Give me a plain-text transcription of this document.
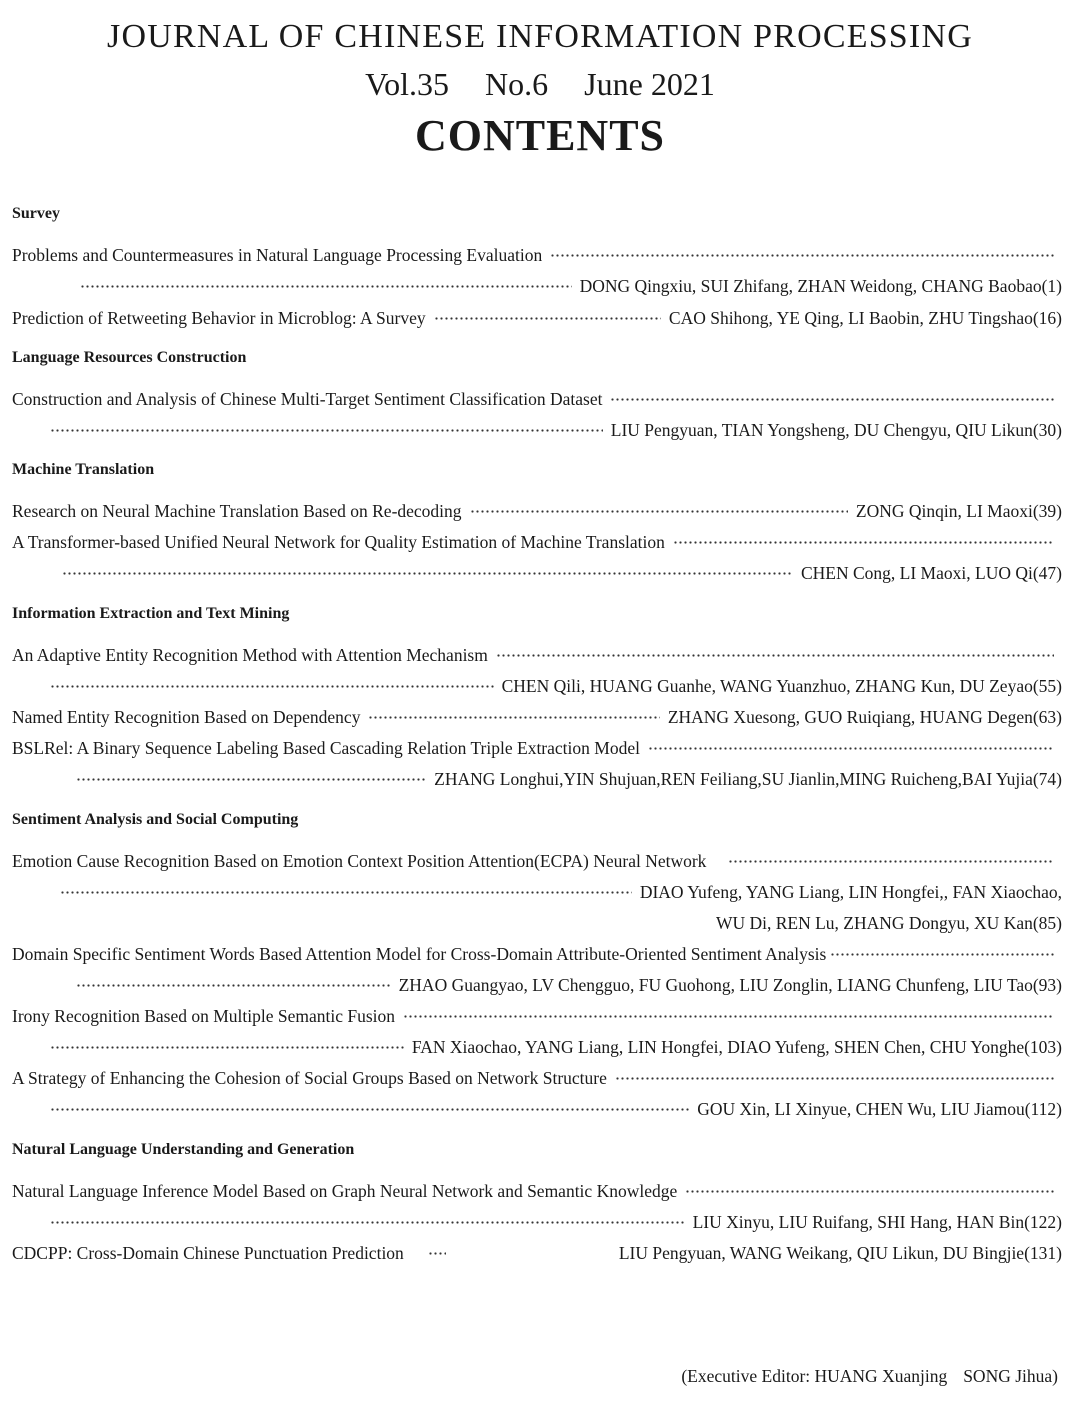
JOURNAL OF CHINESE INFORMATION PROCESSING
Vol.35 No.6 June 2021
CONTENTS
Survey
Problems and Countermeasures in Natural Language Processing Evaluation
DONG Qingxiu, SUI Zhifang, ZHAN Weidong, CHANG Baobao(1)
Prediction of Retweeting Behavior in Microblog: A Survey	CAO Shihong, YE Qing, LI Baobin, ZHU Tingshao(16)
Language Resources Construction
Construction and Analysis of Chinese Multi-Target Sentiment Classification Dataset
LIU Pengyuan, TIAN Yongsheng, DU Chengyu, QIU Likun(30)
Machine Translation
Research on Neural Machine Translation Based on Re-decoding	ZONG Qinqin, LI Maoxi(39)
A Transformer-based Unified Neural Network for Quality Estimation of Machine Translation
CHEN Cong, LI Maoxi, LUO Qi(47)
Information Extraction and Text Mining
An Adaptive Entity Recognition Method with Attention Mechanism
CHEN Qili, HUANG Guanhe, WANG Yuanzhuo, ZHANG Kun, DU Zeyao(55)
Named Entity Recognition Based on Dependency	ZHANG Xuesong, GUO Ruiqiang, HUANG Degen(63)
BSLRel: A Binary Sequence Labeling Based Cascading Relation Triple Extraction Model
ZHANG Longhui,YIN Shujuan,REN Feiliang,SU Jianlin,MING Ruicheng,BAI Yujia(74)
Sentiment Analysis and Social Computing
Emotion Cause Recognition Based on Emotion Context Position Attention(ECPA) Neural Network
DIAO Yufeng, YANG Liang, LIN Hongfei,, FAN Xiaochao,
WU Di, REN Lu, ZHANG Dongyu, XU Kan(85)
Domain Specific Sentiment Words Based Attention Model for Cross-Domain Attribute-Oriented Sentiment Analysis
ZHAO Guangyao, LV Chengguo, FU Guohong, LIU Zonglin, LIANG Chunfeng, LIU Tao(93)
Irony Recognition Based on Multiple Semantic Fusion
FAN Xiaochao, YANG Liang, LIN Hongfei, DIAO Yufeng, SHEN Chen, CHU Yonghe(103)
A Strategy of Enhancing the Cohesion of Social Groups Based on Network Structure
GOU Xin, LI Xinyue, CHEN Wu, LIU Jiamou(112)
Natural Language Understanding and Generation
Natural Language Inference Model Based on Graph Neural Network and Semantic Knowledge
LIU Xinyu, LIU Ruifang, SHI Hang, HAN Bin(122)
CDCPP: Cross-Domain Chinese Punctuation Prediction	LIU Pengyuan, WANG Weikang, QIU Likun, DU Bingjie(131)
(Executive Editor: HUANG Xuanjing SONG Jihua)
